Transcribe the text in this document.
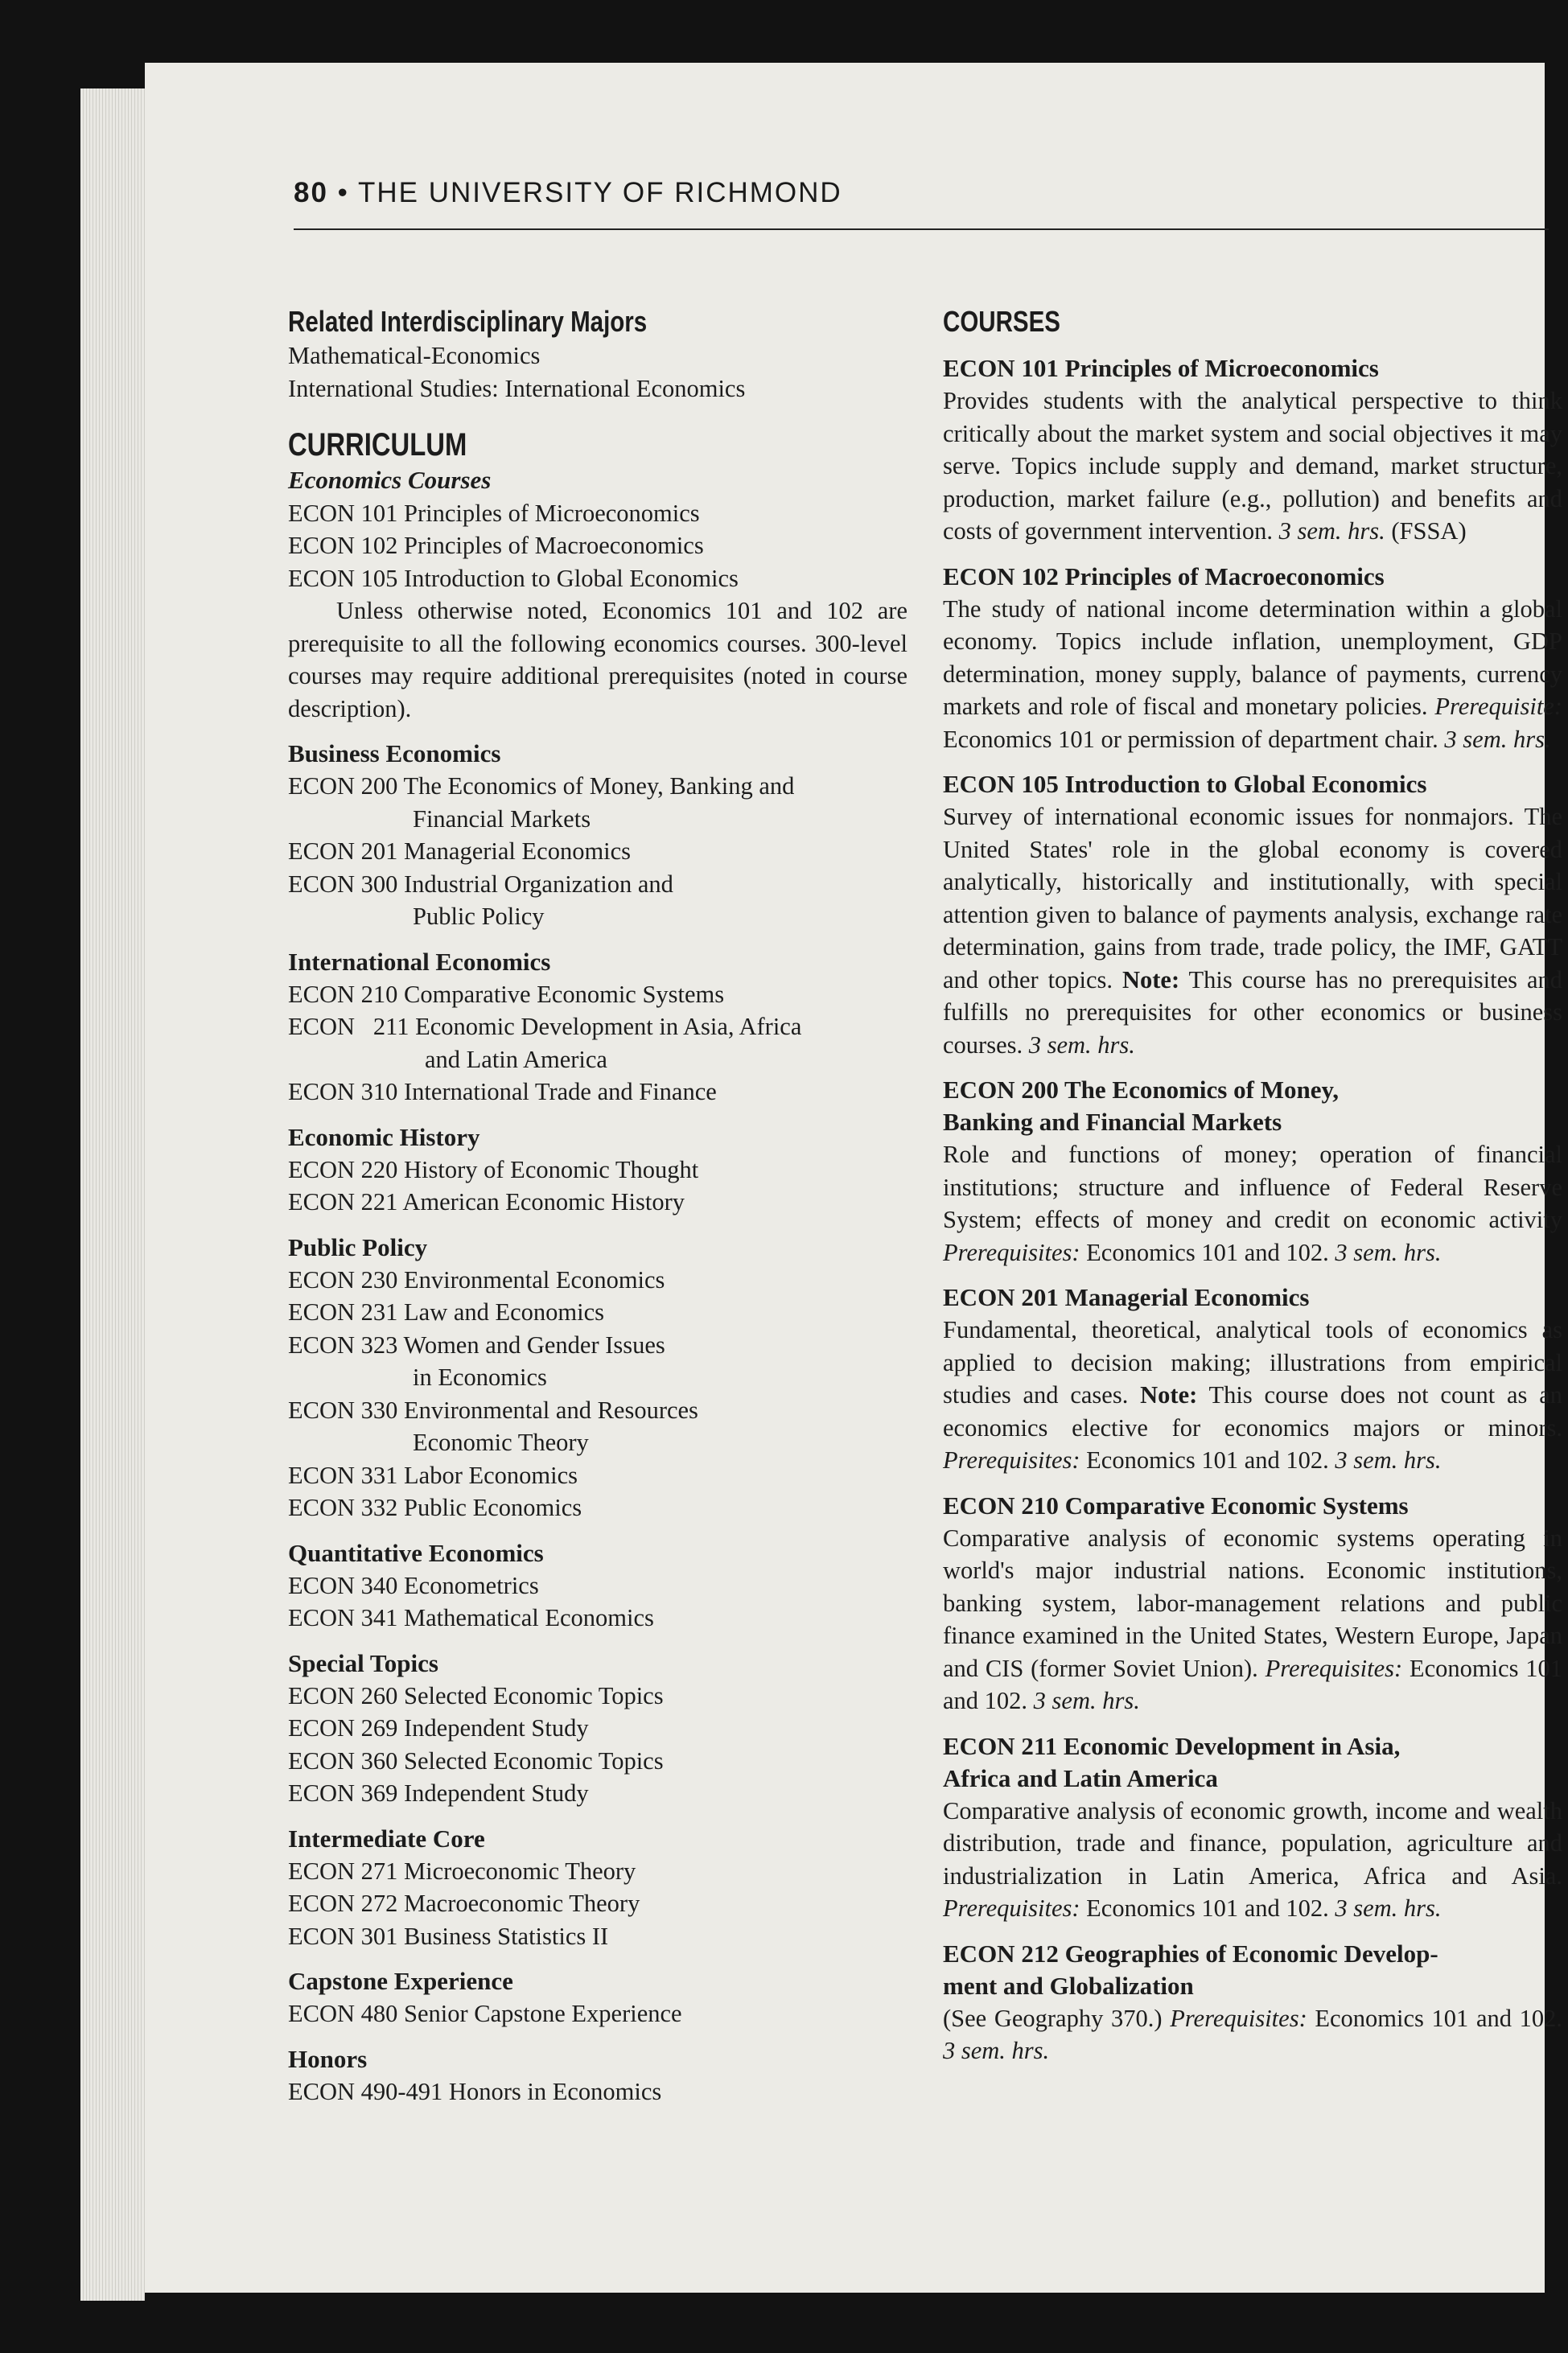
80 • THE UNIVERSITY OF RICHMOND
Related Interdisciplinary Majors
Mathematical-Economics
International Studies: International Economics
CURRICULUM
Economics Courses
ECON 101 Principles of Microeconomics
ECON 102 Principles of Macroeconomics
ECON 105 Introduction to Global Economics
Unless otherwise noted, Economics 101 and 102 are prerequisite to all the following economics courses. 300-level courses may require additional prerequisites (noted in course description).
Business Economics
ECON 200 The Economics of Money, Banking and
Financial Markets
ECON 201 Managerial Economics
ECON 300 Industrial Organization and
Public Policy
International Economics
ECON 210 Comparative Economic Systems
ECON   211 Economic Development in Asia, Africa
and Latin America
ECON 310 International Trade and Finance
Economic History
ECON 220 History of Economic Thought
ECON 221 American Economic History
Public Policy
ECON 230 Environmental Economics
ECON 231 Law and Economics
ECON 323 Women and Gender Issues
in Economics
ECON 330 Environmental and Resources
Economic Theory
ECON 331 Labor Economics
ECON 332 Public Economics
Quantitative Economics
ECON 340 Econometrics
ECON 341 Mathematical Economics
Special Topics
ECON 260 Selected Economic Topics
ECON 269 Independent Study
ECON 360 Selected Economic Topics
ECON 369 Independent Study
Intermediate Core
ECON 271 Microeconomic Theory
ECON 272 Macroeconomic Theory
ECON 301 Business Statistics II
Capstone Experience
ECON 480 Senior Capstone Experience
Honors
ECON 490-491 Honors in Economics
COURSES
ECON 101 Principles of Microeconomics
Provides students with the analytical perspective to think critically about the market system and social objectives it may serve. Topics include supply and demand, market structure, production, market failure (e.g., pollution) and benefits and costs of government intervention. 3 sem. hrs. (FSSA)
ECON 102 Principles of Macroeconomics
The study of national income determination within a global economy. Topics include inflation, unemployment, GDP determination, money supply, balance of payments, currency markets and role of fiscal and monetary policies. Prerequisite: Economics 101 or permission of department chair. 3 sem. hrs.
ECON 105 Introduction to Global Economics
Survey of international economic issues for nonmajors. The United States' role in the global economy is covered analytically, historically and institutionally, with special attention given to balance of payments analysis, exchange rate determination, gains from trade, trade policy, the IMF, GATT and other topics. Note: This course has no prerequisites and fulfills no prerequisites for other economics or business courses. 3 sem. hrs.
ECON 200 The Economics of Money,
Banking and Financial Markets
Role and functions of money; operation of financial institutions; structure and influence of Federal Reserve System; effects of money and credit on economic activity Prerequisites: Economics 101 and 102. 3 sem. hrs.
ECON 201 Managerial Economics
Fundamental, theoretical, analytical tools of economics as applied to decision making; illustrations from empirical studies and cases. Note: This course does not count as an economics elective for economics majors or minors. Prerequisites: Economics 101 and 102. 3 sem. hrs.
ECON 210 Comparative Economic Systems
Comparative analysis of economic systems operating in world's major industrial nations. Economic institutions, banking system, labor-management relations and public finance examined in the United States, Western Europe, Japan and CIS (former Soviet Union). Prerequisites: Economics 101 and 102. 3 sem. hrs.
ECON 211 Economic Development in Asia,
Africa and Latin America
Comparative analysis of economic growth, income and wealth distribution, trade and finance, population, agriculture and industrialization in Latin America, Africa and Asia. Prerequisites: Economics 101 and 102. 3 sem. hrs.
ECON 212 Geographies of Economic Develop-
ment and Globalization
(See Geography 370.) Prerequisites: Economics 101 and 102. 3 sem. hrs.
